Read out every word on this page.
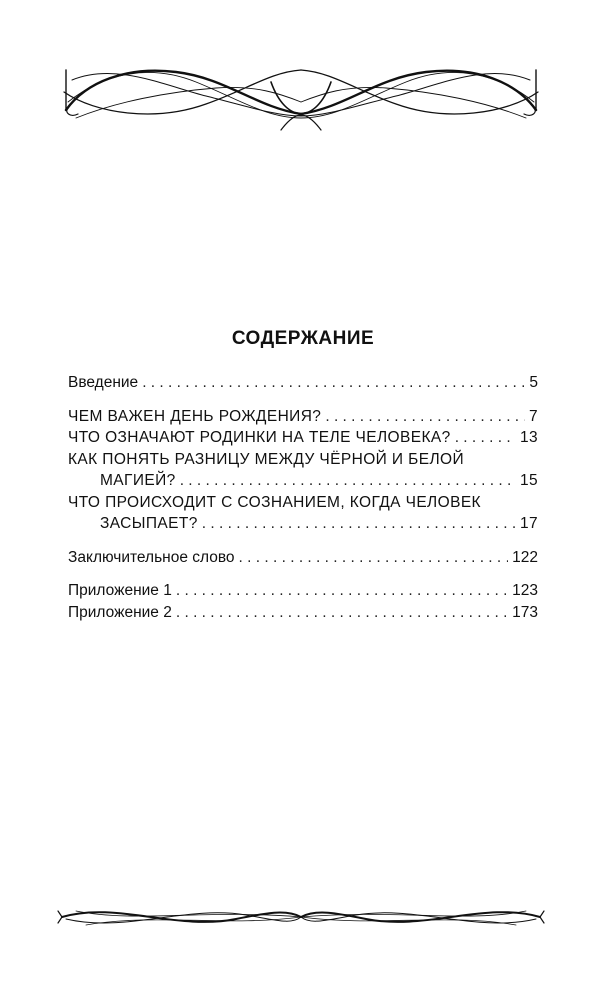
СОДЕРЖАНИЕ
Введение . . .	5
ЧЕМ ВАЖЕН ДЕНЬ РОЖДЕНИЯ? . . .	7
ЧТО ОЗНАЧАЮТ РОДИНКИ НА ТЕЛЕ ЧЕЛОВЕКА? . . .	13
КАК ПОНЯТЬ РАЗНИЦУ МЕЖДУ ЧЁРНОЙ И БЕЛОЙ
МАГИЕЙ? . . .	15
ЧТО ПРОИСХОДИТ С СОЗНАНИЕМ, КОГДА ЧЕЛОВЕК
ЗАСЫПАЕТ? . . .	17
Заключительное слово . . .	122
Приложение 1 . . .	123
Приложение 2 . . .	173
